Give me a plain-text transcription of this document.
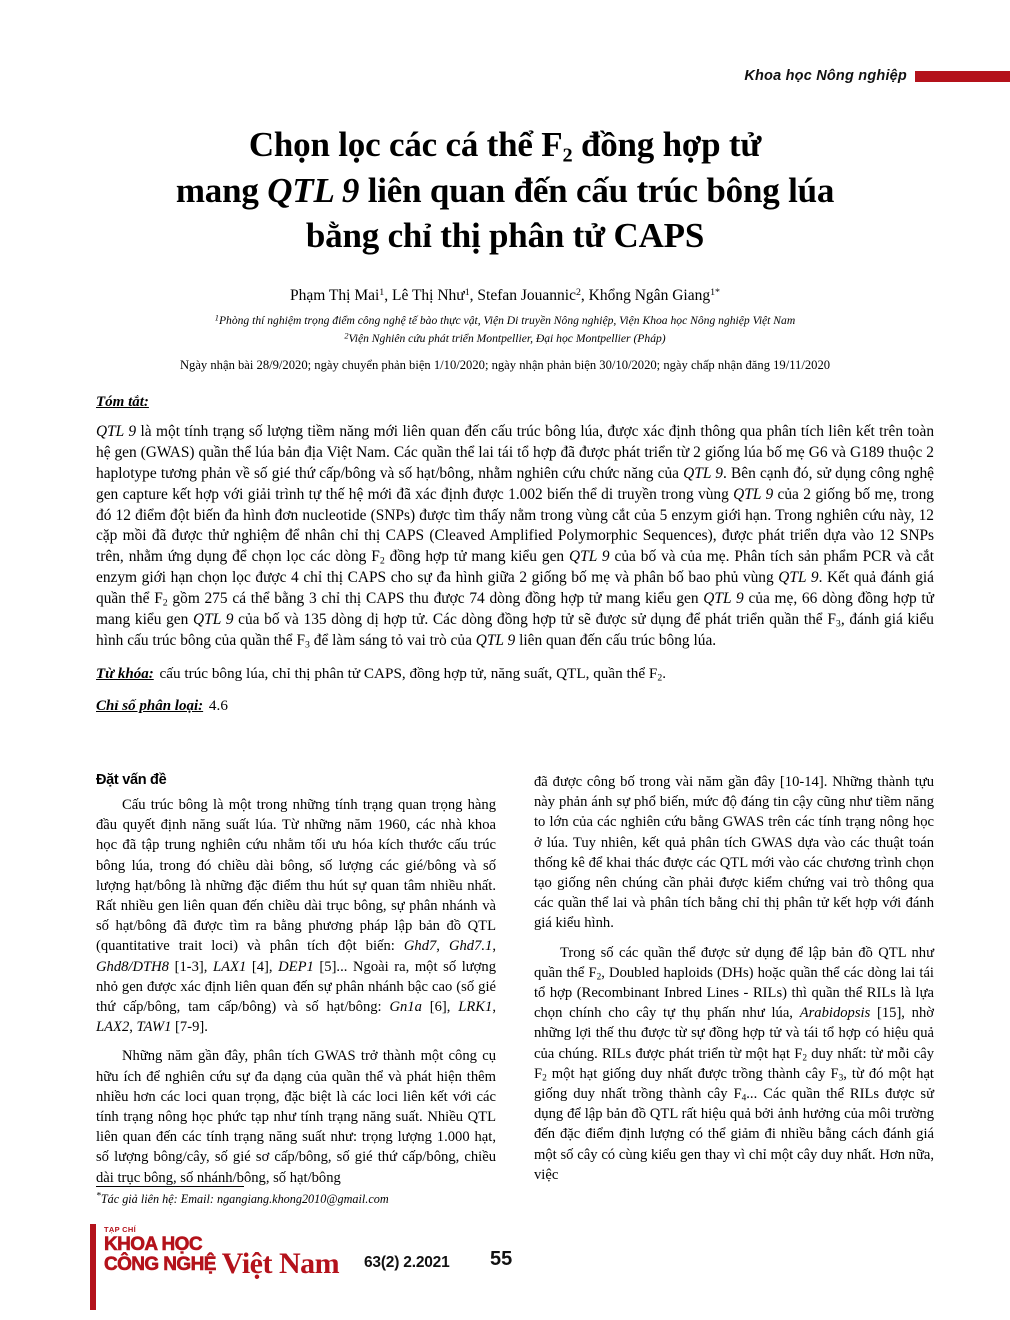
Khoa học Nông nghiệp
Chọn lọc các cá thể $F_2$ đồng hợp tử
mang QTL 9 liên quan đến cấu trúc bông lúa
bằng chỉ thị phân tử CAPS
Phạm Thị Mai$^1$, Lê Thị Như$^1$, Stefan Jouannic$^2$, Khổng Ngân Giang$^{1*}$
$^1$Phòng thí nghiệm trọng điểm công nghệ tế bào thực vật, Viện Di truyền Nông nghiệp, Viện Khoa học Nông nghiệp Việt Nam
$^2$Viện Nghiên cứu phát triển Montpellier, Đại học Montpellier (Pháp)
Ngày nhận bài 28/9/2020; ngày chuyển phản biện 1/10/2020; ngày nhận phản biện 30/10/2020; ngày chấp nhận đăng 19/11/2020
Tóm tắt:
QTL 9 là một tính trạng số lượng tiềm năng mới liên quan đến cấu trúc bông lúa, được xác định thông qua phân tích liên kết trên toàn hệ gen (GWAS) quần thể lúa bản địa Việt Nam. Các quần thể lai tái tổ hợp đã được phát triển từ 2 giống lúa bố mẹ G6 và G189 thuộc 2 haplotype tương phản về số gié thứ cấp/bông và số hạt/bông, nhằm nghiên cứu chức năng của QTL 9. Bên cạnh đó, sử dụng công nghệ gen capture kết hợp với giải trình tự thế hệ mới đã xác định được 1.002 biến thể di truyền trong vùng QTL 9 của 2 giống bố mẹ, trong đó 12 điểm đột biến đa hình đơn nucleotide (SNPs) được tìm thấy nằm trong vùng cắt của 5 enzym giới hạn. Trong nghiên cứu này, 12 cặp mồi đã được thử nghiệm để nhân chỉ thị CAPS (Cleaved Amplified Polymorphic Sequences), được phát triển dựa vào 12 SNPs trên, nhằm ứng dụng để chọn lọc các dòng $F_2$ đồng hợp tử mang kiểu gen QTL 9 của bố và của mẹ. Phân tích sản phẩm PCR và cắt enzym giới hạn chọn lọc được 4 chỉ thị CAPS cho sự đa hình giữa 2 giống bố mẹ và phân bố bao phủ vùng QTL 9. Kết quả đánh giá quần thể $F_2$ gồm 275 cá thể bằng 3 chỉ thị CAPS thu được 74 dòng đồng hợp tử mang kiểu gen QTL 9 của mẹ, 66 dòng đồng hợp tử mang kiểu gen QTL 9 của bố và 135 dòng dị hợp tử. Các dòng đồng hợp tử sẽ được sử dụng để phát triển quần thể $F_3$, đánh giá kiểu hình cấu trúc bông của quần thể $F_3$ để làm sáng tỏ vai trò của QTL 9 liên quan đến cấu trúc bông lúa.
Từ khóa: cấu trúc bông lúa, chỉ thị phân tử CAPS, đồng hợp tử, năng suất, QTL, quần thể $F_2$.
Chỉ số phân loại: 4.6
Đặt vấn đề

Cấu trúc bông là một trong những tính trạng quan trọng hàng đầu quyết định năng suất lúa. Từ những năm 1960, các nhà khoa học đã tập trung nghiên cứu nhằm tối ưu hóa kích thước cấu trúc bông lúa, trong đó chiều dài bông, số lượng các gié/bông và số lượng hạt/bông là những đặc điểm thu hút sự quan tâm nhiều nhất. Rất nhiều gen liên quan đến chiều dài trục bông, sự phân nhánh và số hạt/bông đã được tìm ra bằng phương pháp lập bản đồ QTL (quantitative trait loci) và phân tích đột biến: Ghd7, Ghd7.1, Ghd8/DTH8 [1-3], LAX1 [4], DEP1 [5]... Ngoài ra, một số lượng nhỏ gen được xác định liên quan đến sự phân nhánh bậc cao (số gié thứ cấp/bông, tam cấp/bông) và số hạt/bông: Gn1a [6], LRK1, LAX2, TAW1 [7-9].

Những năm gần đây, phân tích GWAS trở thành một công cụ hữu ích để nghiên cứu sự đa dạng của quần thể và phát hiện thêm nhiều hơn các loci quan trọng, đặc biệt là các loci liên kết với các tính trạng nông học phức tạp như tính trạng năng suất. Nhiều QTL liên quan đến các tính trạng năng suất như: trọng lượng 1.000 hạt, số lượng bông/cây, số gié sơ cấp/bông, số gié thứ cấp/bông, chiều dài trục bông, số nhánh/bông, số hạt/bông

đã được công bố trong vài năm gần đây [10-14]. Những thành tựu này phản ánh sự phổ biến, mức độ đáng tin cậy cũng như tiềm năng to lớn của các nghiên cứu bằng GWAS trên các tính trạng nông học ở lúa. Tuy nhiên, kết quả phân tích GWAS dựa vào các thuật toán thống kê để khai thác được các QTL mới vào các chương trình chọn tạo giống nên chúng cần phải được kiểm chứng vai trò thông qua các quần thể lai và phân tích bằng chỉ thị phân tử kết hợp với đánh giá kiểu hình.

Trong số các quần thể được sử dụng để lập bản đồ QTL như quần thể $F_2$, Doubled haploids (DHs) hoặc quần thể các dòng lai tái tổ hợp (Recombinant Inbred Lines - RILs) thì quần thể RILs là lựa chọn chính cho cây tự thụ phấn như lúa, Arabidopsis [15], nhờ những lợi thế thu được từ sự đồng hợp tử và tái tổ hợp có hiệu quả của chúng. RILs được phát triển từ một hạt $F_2$ duy nhất: từ mỗi cây $F_2$ một hạt giống duy nhất được trồng thành cây $F_3$, từ đó một hạt giống duy nhất trồng thành cây $F_4$... Các quần thể RILs được sử dụng để lập bản đồ QTL rất hiệu quả bởi ảnh hưởng của môi trường đến đặc điểm định lượng có thể giảm đi nhiều bằng cách đánh giá một số cây có cùng kiểu gen thay vì chỉ một cây duy nhất. Hơn nữa, việc

*Tác giả liên hệ: Email: ngangiang.khong2010@gmail.com
TẠP CHÍ
KHOA HỌC
CÔNG NGHỆ Việt Nam 63(2) 2.2021 55
